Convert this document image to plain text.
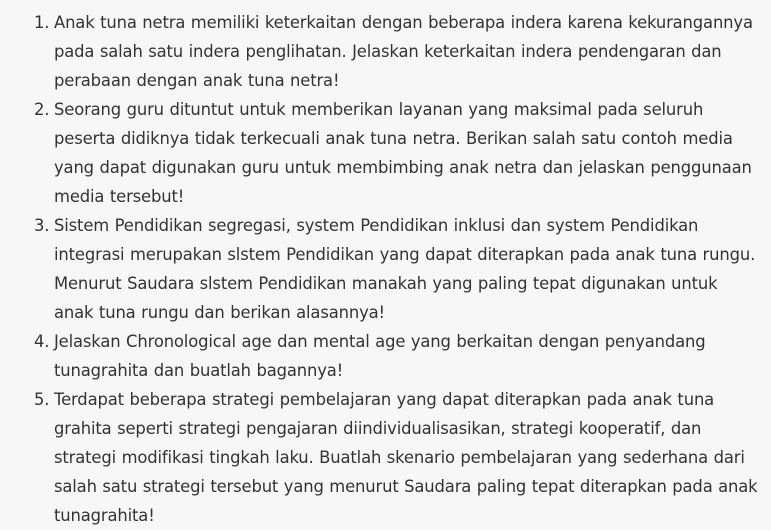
1. Anak tuna netra memiliki keterkaitan dengan beberapa indera karena kekurangannya pada salah satu indera penglihatan. Jelaskan keterkaitan indera pendengaran dan perabaan dengan anak tuna netra!
2. Seorang guru dituntut untuk memberikan layanan yang maksimal pada seluruh peserta didiknya tidak terkecuali anak tuna netra. Berikan salah satu contoh media yang dapat digunakan guru untuk membimbing anak netra dan jelaskan penggunaan media tersebut!
3. Sistem Pendidikan segregasi, system Pendidikan inklusi dan system Pendidikan integrasi merupakan slstem Pendidikan yang dapat diterapkan pada anak tuna rungu. Menurut Saudara slstem Pendidikan manakah yang paling tepat digunakan untuk anak tuna rungu dan berikan alasannya!
4. Jelaskan Chronological age dan mental age yang berkaitan dengan penyandang tunagrahita dan buatlah bagannya!
5. Terdapat beberapa strategi pembelajaran yang dapat diterapkan pada anak tuna grahita seperti strategi pengajaran diindividualisasikan, strategi kooperatif, dan strategi modifikasi tingkah laku. Buatlah skenario pembelajaran yang sederhana dari salah satu strategi tersebut yang menurut Saudara paling tepat diterapkan pada anak tunagrahita!
